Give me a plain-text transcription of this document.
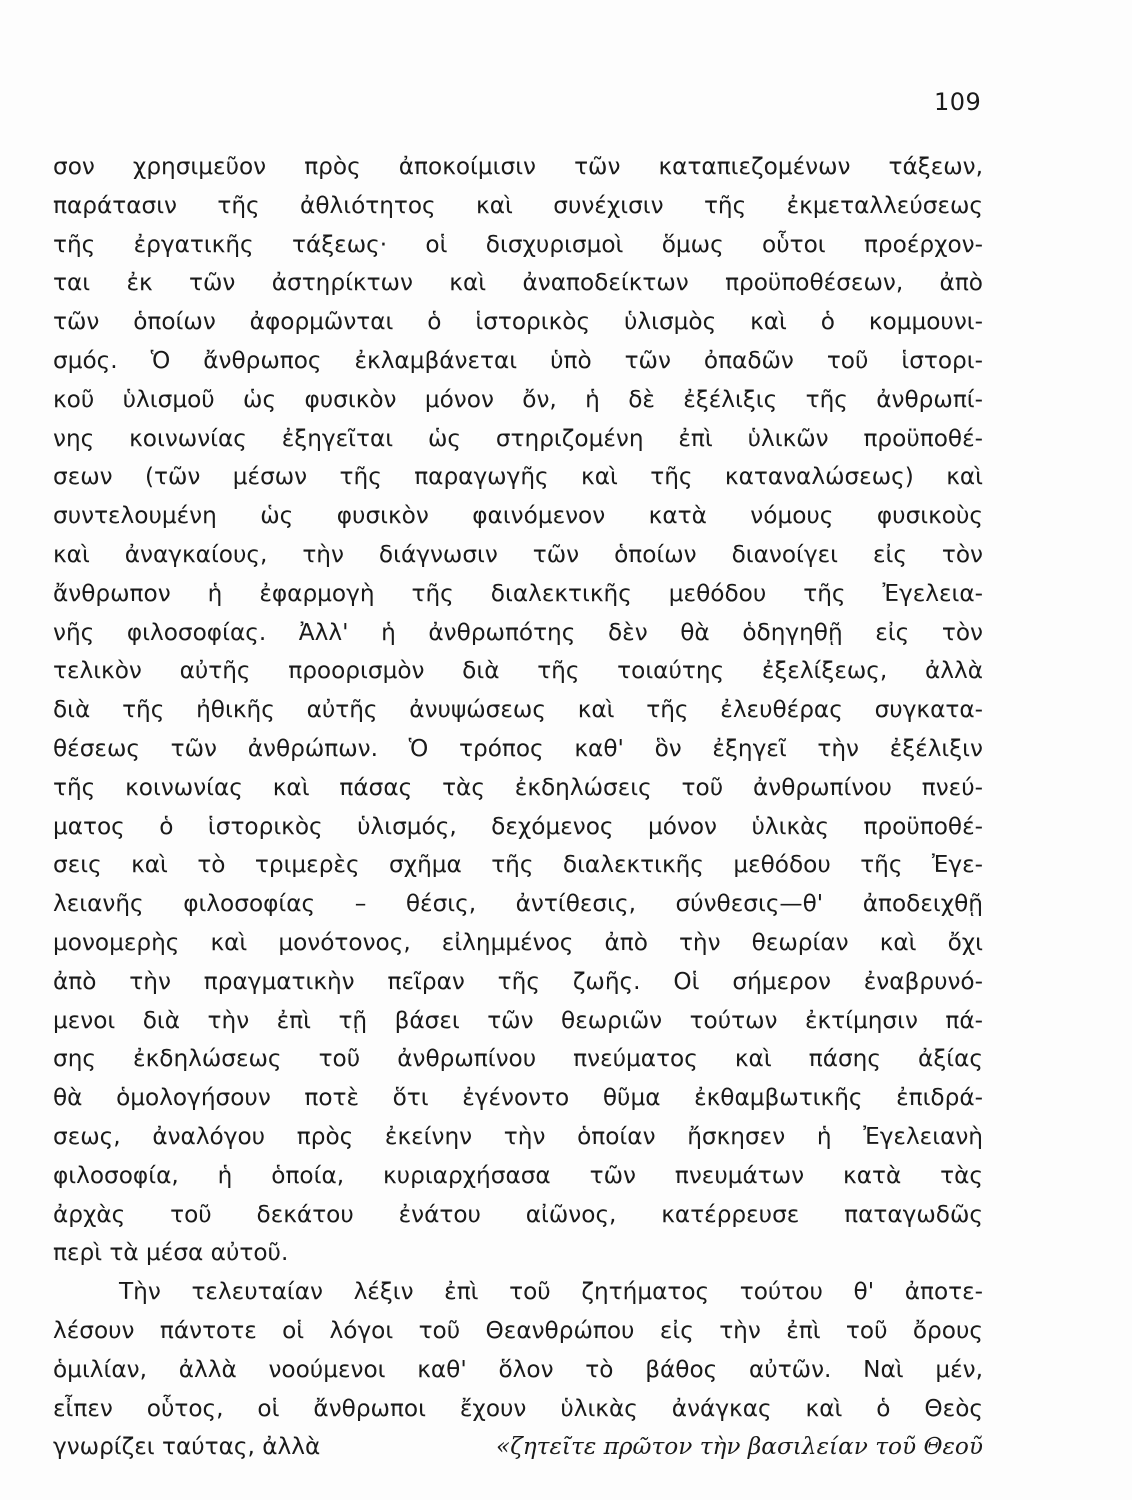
109
σον χρησιμεῦον πρὸς ἀποκοίμισιν τῶν καταπιεζομένων τάξεων,
παράτασιν τῆς ἀθλιότητος καὶ συνέχισιν τῆς ἐκμεταλλεύσεως
τῆς ἐργατικῆς τάξεως· οἱ δισχυρισμοὶ ὅμως οὗτοι προέρχον-
ται ἐκ τῶν ἀστηρίκτων καὶ ἀναποδείκτων προϋποθέσεων, ἀπὸ
τῶν ὁποίων ἀφορμῶνται ὁ ἱστορικὸς ὑλισμὸς καὶ ὁ κομμουνι-
σμός. Ὁ ἄνθρωπος ἐκλαμβάνεται ὑπὸ τῶν ὀπαδῶν τοῦ ἱστορι-
κοῦ ὑλισμοῦ ὡς φυσικὸν μόνον ὄν, ἡ δὲ ἐξέλιξις τῆς ἀνθρωπί-
νης κοινωνίας ἐξηγεῖται ὡς στηριζομένη ἐπὶ ὑλικῶν προϋποθέ-
σεων (τῶν μέσων τῆς παραγωγῆς καὶ τῆς καταναλώσεως) καὶ
συντελουμένη ὡς φυσικὸν φαινόμενον κατὰ νόμους φυσικοὺς
καὶ ἀναγκαίους, τὴν διάγνωσιν τῶν ὁποίων διανοίγει εἰς τὸν
ἄνθρωπον ἡ ἐφαρμογὴ τῆς διαλεκτικῆς μεθόδου τῆς Ἐγελεια-
νῆς φιλοσοφίας. Ἀλλ' ἡ ἀνθρωπότης δὲν θὰ ὁδηγηθῇ εἰς τὸν
τελικὸν αὐτῆς προορισμὸν διὰ τῆς τοιαύτης ἐξελίξεως, ἀλλὰ
διὰ τῆς ἠθικῆς αὐτῆς ἀνυψώσεως καὶ τῆς ἐλευθέρας συγκατα-
θέσεως τῶν ἀνθρώπων. Ὁ τρόπος καθ' ὃν ἐξηγεῖ τὴν ἐξέλιξιν
τῆς κοινωνίας καὶ πάσας τὰς ἐκδηλώσεις τοῦ ἀνθρωπίνου πνεύ-
ματος ὁ ἱστορικὸς ὑλισμός, δεχόμενος μόνον ὑλικὰς προϋποθέ-
σεις καὶ τὸ τριμερὲς σχῆμα τῆς διαλεκτικῆς μεθόδου τῆς Ἐγε-
λειανῆς φιλοσοφίας – θέσις, ἀντίθεσις, σύνθεσις—θ' ἀποδειχθῇ
μονομερὴς καὶ μονότονος, εἰλημμένος ἀπὸ τὴν θεωρίαν καὶ ὄχι
ἀπὸ τὴν πραγματικὴν πεῖραν τῆς ζωῆς. Οἱ σήμερον ἐναβρυνό-
μενοι διὰ τὴν ἐπὶ τῇ βάσει τῶν θεωριῶν τούτων ἐκτίμησιν πά-
σης ἐκδηλώσεως τοῦ ἀνθρωπίνου πνεύματος καὶ πάσης ἀξίας
θὰ ὁμολογήσουν ποτὲ ὅτι ἐγένοντο θῦμα ἐκθαμβωτικῆς ἐπιδρά-
σεως, ἀναλόγου πρὸς ἐκείνην τὴν ὁποίαν ἤσκησεν ἡ Ἐγελειανὴ
φιλοσοφία, ἡ ὁποία, κυριαρχήσασα τῶν πνευμάτων κατὰ τὰς
ἀρχὰς τοῦ δεκάτου ἐνάτου αἰῶνος, κατέρρευσε παταγωδῶς
περὶ τὰ μέσα αὐτοῦ.
Τὴν τελευταίαν λέξιν ἐπὶ τοῦ ζητήματος τούτου θ' ἀποτε-
λέσουν πάντοτε οἱ λόγοι τοῦ Θεανθρώπου εἰς τὴν ἐπὶ τοῦ ὄρους
ὁμιλίαν, ἀλλὰ νοούμενοι καθ' ὅλον τὸ βάθος αὐτῶν. Ναὶ μέν,
εἶπεν οὗτος, οἱ ἄνθρωποι ἔχουν ὑλικὰς ἀνάγκας καὶ ὁ Θεὸς
γνωρίζει ταύτας, ἀλλὰ	«ζητεῖτε πρῶτον τὴν βασιλείαν τοῦ Θεοῦ
